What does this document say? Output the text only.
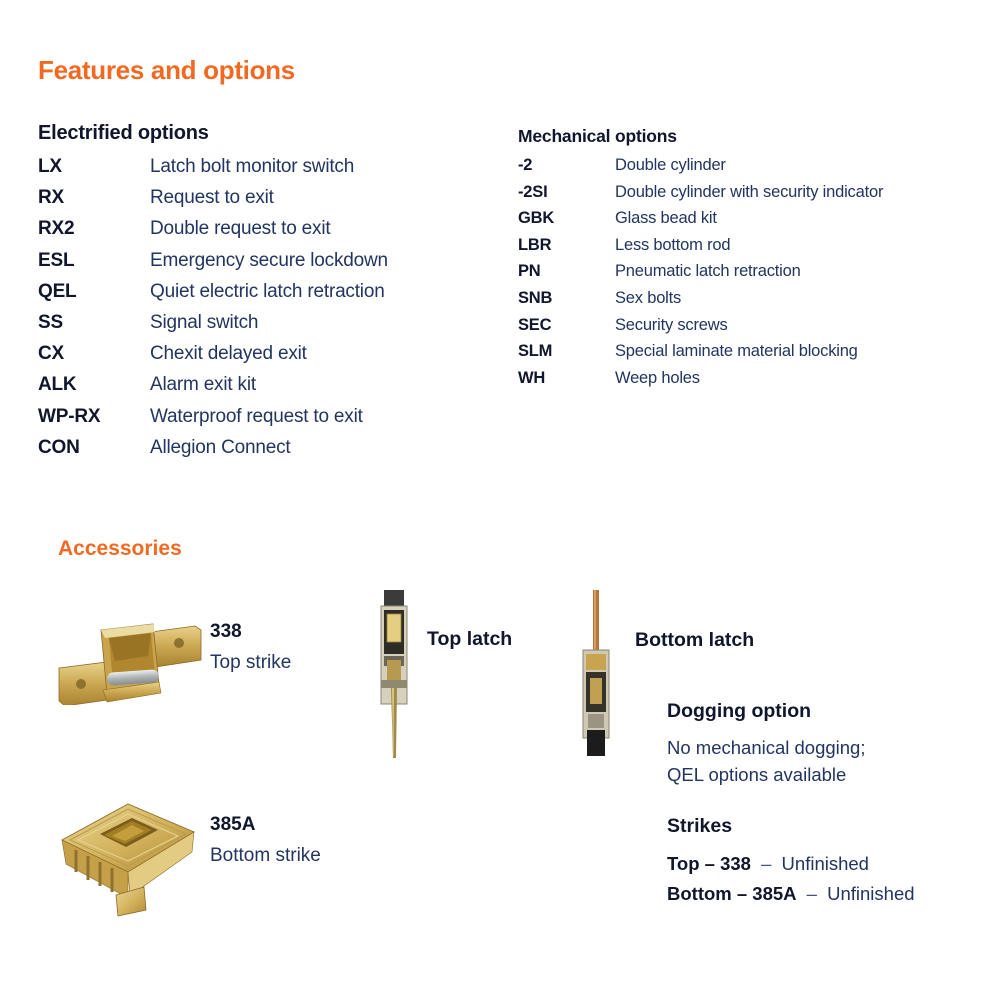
Features and options
Electrified options
LX	Latch bolt monitor switch
RX	Request to exit
RX2	Double request to exit
ESL	Emergency secure lockdown
QEL	Quiet electric latch retraction
SS	Signal switch
CX	Chexit delayed exit
ALK	Alarm exit kit
WP-RX	Waterproof request to exit
CON	Allegion Connect
Mechanical options
-2	Double cylinder
-2SI	Double cylinder with security indicator
GBK	Glass bead kit
LBR	Less bottom rod
PN	Pneumatic latch retraction
SNB	Sex bolts
SEC	Security screws
SLM	Special laminate material blocking
WH	Weep holes
Accessories
338
Top strike
Top latch	Bottom latch
Dogging option

No mechanical dogging;

QEL options available

Strikes

Top – 338 – Unfinished

Bottom – 385A – Unfinished

385A
Bottom strike
